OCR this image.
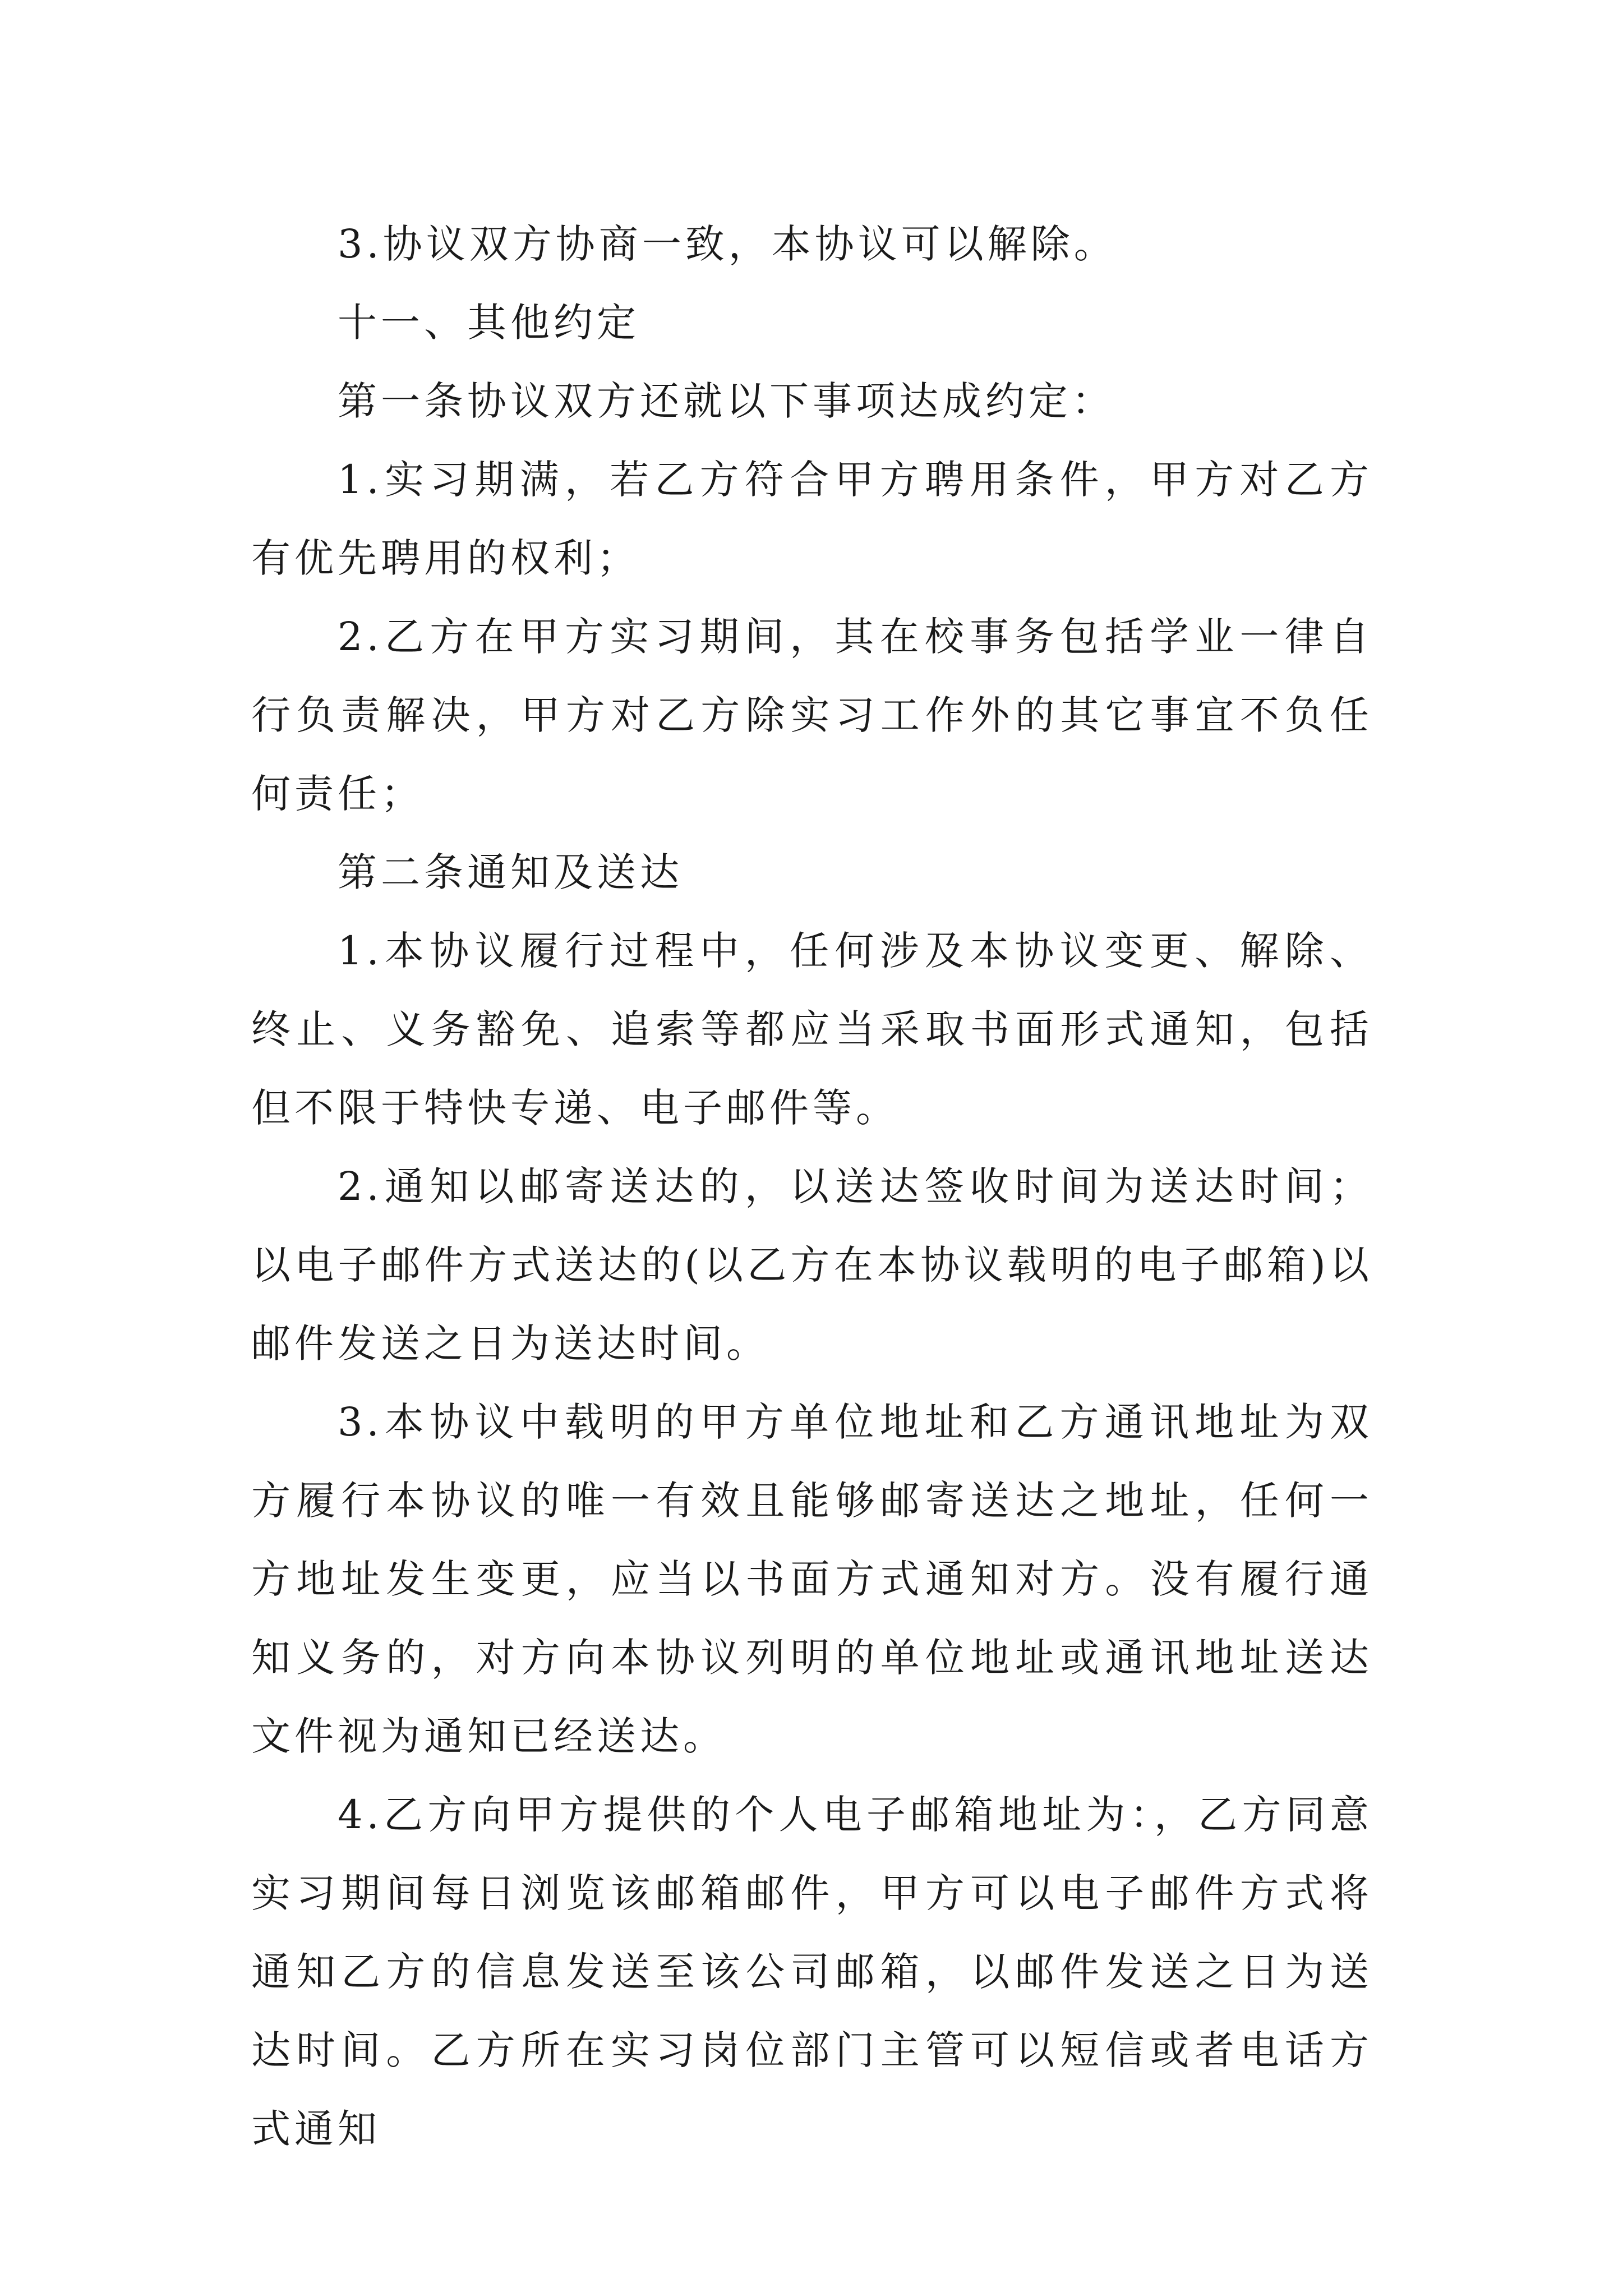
3.协议双方协商一致，本协议可以解除。

十一、其他约定

第一条协议双方还就以下事项达成约定：

1.实习期满，若乙方符合甲方聘用条件，甲方对乙方有优先聘用的权利；

2.乙方在甲方实习期间，其在校事务包括学业一律自行负责解决，甲方对乙方除实习工作外的其它事宜不负任何责任；

第二条通知及送达

1.本协议履行过程中，任何涉及本协议变更、解除、终止、义务豁免、追索等都应当采取书面形式通知，包括但不限于特快专递、电子邮件等。

2.通知以邮寄送达的，以送达签收时间为送达时间；以电子邮件方式送达的(以乙方在本协议载明的电子邮箱)以邮件发送之日为送达时间。

3.本协议中载明的甲方单位地址和乙方通讯地址为双方履行本协议的唯一有效且能够邮寄送达之地址，任何一方地址发生变更，应当以书面方式通知对方。没有履行通知义务的，对方向本协议列明的单位地址或通讯地址送达文件视为通知已经送达。

4.乙方向甲方提供的个人电子邮箱地址为：，乙方同意实习期间每日浏览该邮箱邮件，甲方可以电子邮件方式将通知乙方的信息发送至该公司邮箱，以邮件发送之日为送达时间。乙方所在实习岗位部门主管可以短信或者电话方式通知
